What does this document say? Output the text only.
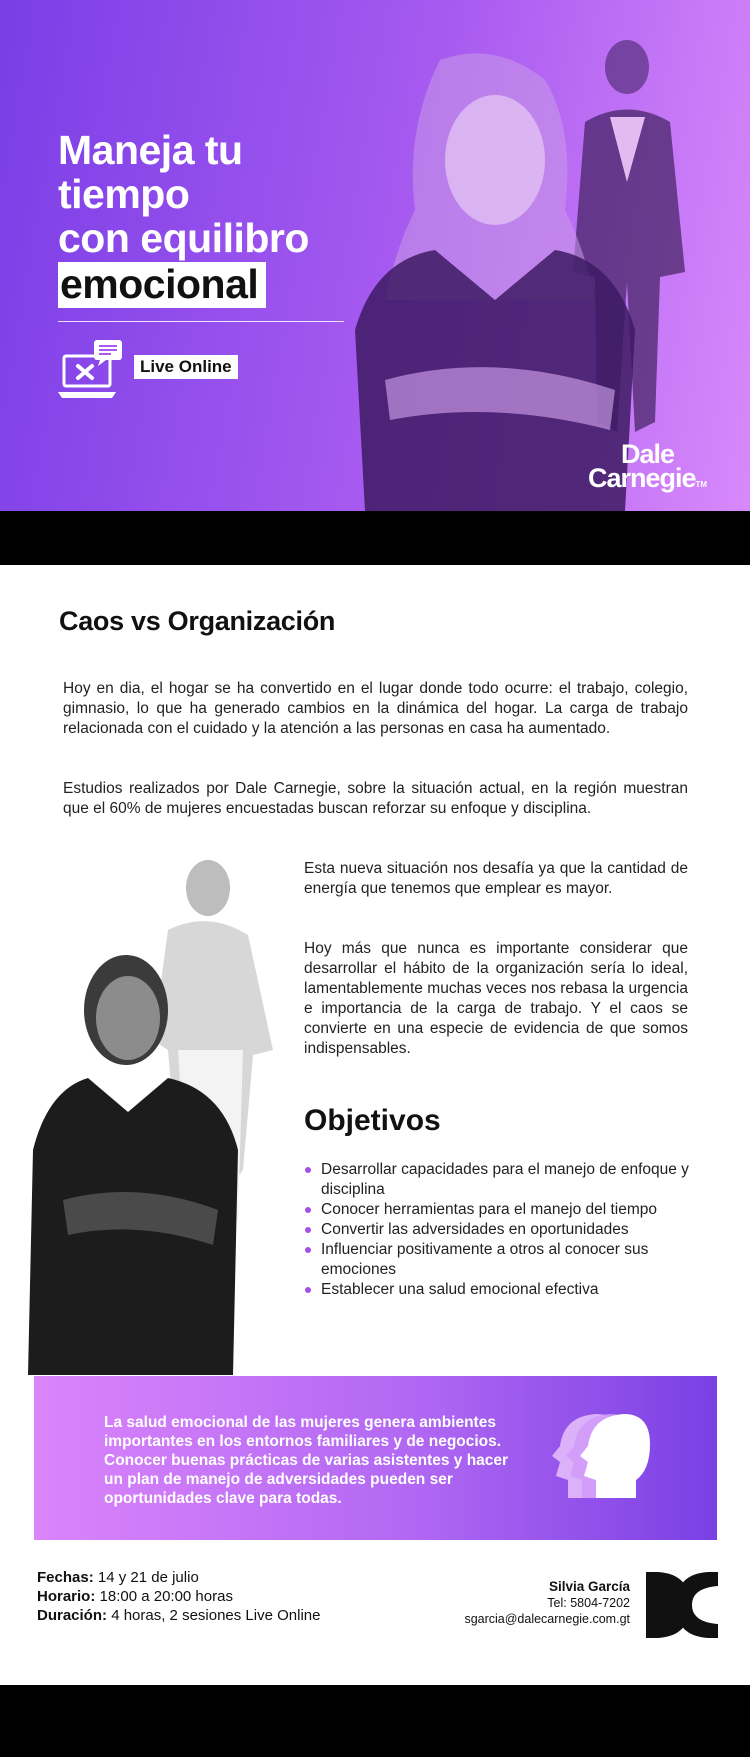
Maneja tu
tiempo
con equilibro
emocional
Live Online
Dale
CarnegieTM
Caos vs Organización

Hoy en dia, el hogar se ha convertido en el lugar donde todo ocurre: el trabajo, colegio, gimnasio, lo que ha generado cambios en la dinámica del hogar. La carga de trabajo relacionada con el cuidado y la atención a las personas en casa ha aumentado.

Estudios realizados por Dale Carnegie, sobre la situación actual, en la región muestran que el 60% de mujeres encuestadas buscan reforzar su enfoque y disciplina.

Esta nueva situación nos desafía ya que la cantidad de energía que tenemos que emplear es mayor.

Hoy más que nunca es importante considerar que desarrollar el hábito de la organización sería lo ideal, lamentablemente muchas veces nos rebasa la urgencia e importancia de la carga de trabajo. Y el caos se convierte en una especie de evidencia de que somos indispensables.

Objetivos
Desarrollar capacidades para el manejo de enfoque y disciplina
Conocer herramientas para el manejo del tiempo
Convertir las adversidades en oportunidades
Influenciar positivamente a otros al conocer sus emociones
Establecer una salud emocional efectiva
La salud emocional de las mujeres genera ambientes importantes en los entornos familiares y de negocios. Conocer buenas prácticas de varias asistentes y hacer un plan de manejo de adversidades pueden ser oportunidades clave para todas.
Fechas: 14 y 21 de julio
Horario: 18:00 a 20:00 horas
Duración: 4 horas, 2 sesiones Live Online
Silvia García
Tel: 5804-7202
sgarcia@dalecarnegie.com.gt
TM
